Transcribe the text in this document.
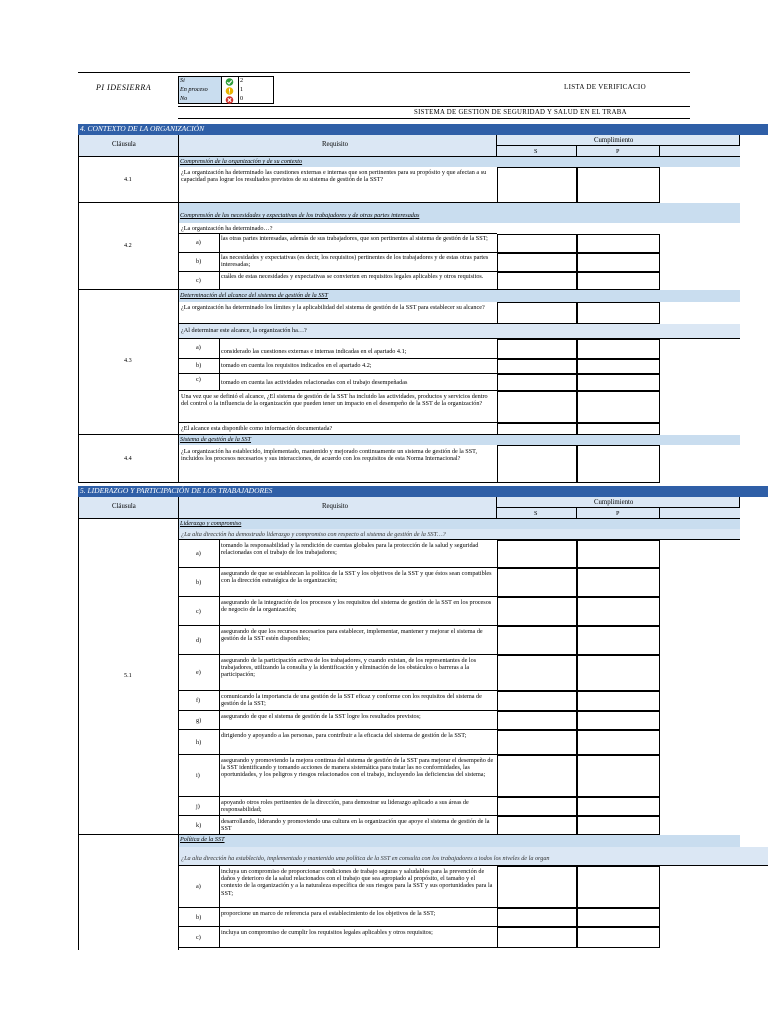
PI IDESIERRA
Si
En proceso
No
2
1
0
LISTA DE VERIFICACIO
SISTEMA DE GESTION DE SEGURIDAD Y SALUD EN EL TRABA
4. CONTEXTO DE LA ORGANIZACIÓN
Cláusula	Requisito
Cumplimiento
S	P
Comprensión de la organización y de su contexto
4.1
¿La organización ha determinado las cuestiones externas e internas que son pertinentes para su propósito y que afectan a su capacidad para lograr los resultados previstos de su sistema de gestión de la SST?
Comprensión de las necesidades y expectativas de los trabajadores y de otras partes interesadas
4.2
¿La organización ha determinado…?
a)
las otras partes interesadas, además de sus trabajadores, que son pertinentes al sistema de gestión de la SST;
b)
las necesidades y expectativas (es decir, los requisitos) pertinentes de los trabajadores y de estas otras partes interesadas;
c)
cuáles de estas necesidades y expectativas se convierten en requisitos legales aplicables y otros requisitos.
Determinación del alcance del sistema de gestión de la SST
4.3
¿La organización ha determinado los límites y la aplicabilidad del sistema de gestión de la SST para establecer su alcance?
¿Al determinar este alcance, la organización ha…?
a)
considerado las cuestiones externas e internas indicadas en el apartado 4.1;
b)	tomado en cuenta los requisitos indicados en el apartado 4.2;
c)	tomado en cuenta las actividades relacionadas con el trabajo desempeñadas
Una vez que se definió el alcance, ¿El sistema de gestión de la SST ha incluido las actividades, productos y servicios dentro del control o la influencia de la organización que pueden tener un impacto en el desempeño de la SST de la organización?
¿El alcance esta disponible como información documentada?
Sistema de gestión de la SST
4.4
¿La organización ha establecido, implementado, mantenido y mejorado continuamente un sistema de gestión de la SST, incluidos los procesos necesarios y sus interacciones, de acuerdo con los requisitos de esta Norma Internacional?
5. LIDERAZGO Y PARTICIPACIÓN DE LOS TRABAJADORES
Cláusula	Requisito
Cumplimiento
S	P
5.1
Liderazgo y compromiso
¿La alta dirección ha demostrado liderazgo y compromiso con respecto al sistema de gestión de la SST…?
a)
tomando la responsabilidad y la rendición de cuentas globales para la protección de la salud y seguridad relacionadas con el trabajo de los trabajadores;
b)
asegurando de que se establezcan la política de la SST y los objetivos de la SST y que éstos sean compatibles con la dirección estratégica de la organización;
c)
asegurando de la integración de los procesos y los requisitos del sistema de gestión de la SST en los procesos de negocio de la organización;
d)
asegurando de que los recursos necesarios para establecer, implementar, mantener y mejorar el sistema de gestión de la SST estén disponibles;
e)
asegurando de la participación activa de los trabajadores, y cuando existan, de los representantes de los trabajadores, utilizando la consulta y la identificación y eliminación de los obstáculos o barreras a la participación;
f)
comunicando la importancia de una gestión de la SST eficaz y conforme con los requisitos del sistema de gestión de la SST;
g)	asegurando de que el sistema de gestión de la SST logre los resultados previstos;
h)
dirigiendo y apoyando a las personas, para contribuir a la eficacia del sistema de gestión de la SST;
i)
asegurando y promoviendo la mejora continua del sistema de gestión de la SST para mejorar el desempeño de la SST identificando y tomando acciones de manera sistemática para tratar las no conformidades, las oportunidades, y los peligros y riesgos relacionados con el trabajo, incluyendo las deficiencias del sistema;
j)	apoyando otros roles pertinentes de la dirección, para demostrar su liderazgo aplicado a sus áreas de responsabilidad;
k)	desarrollando, liderando y promoviendo una cultura en la organización que apoye el sistema de gestión de la SST
Política de la SST
¿La alta dirección ha establecido, implementado y mantenido una política de la SST en consulta con los trabajadores a todos los niveles de la organ
a)
incluya un compromiso de proporcionar condiciones de trabajo seguras y saludables para la prevención de daños y deterioro de la salud relacionados con el trabajo que sea apropiado al propósito, el tamaño y el contexto de la organización y a la naturaleza específica de sus riesgos para la SST y sus oportunidades para la SST;
b)	proporcione un marco de referencia para el establecimiento de los objetivos de la SST;
c)
incluya un compromiso de cumplir los requisitos legales aplicables y otros requisitos;
